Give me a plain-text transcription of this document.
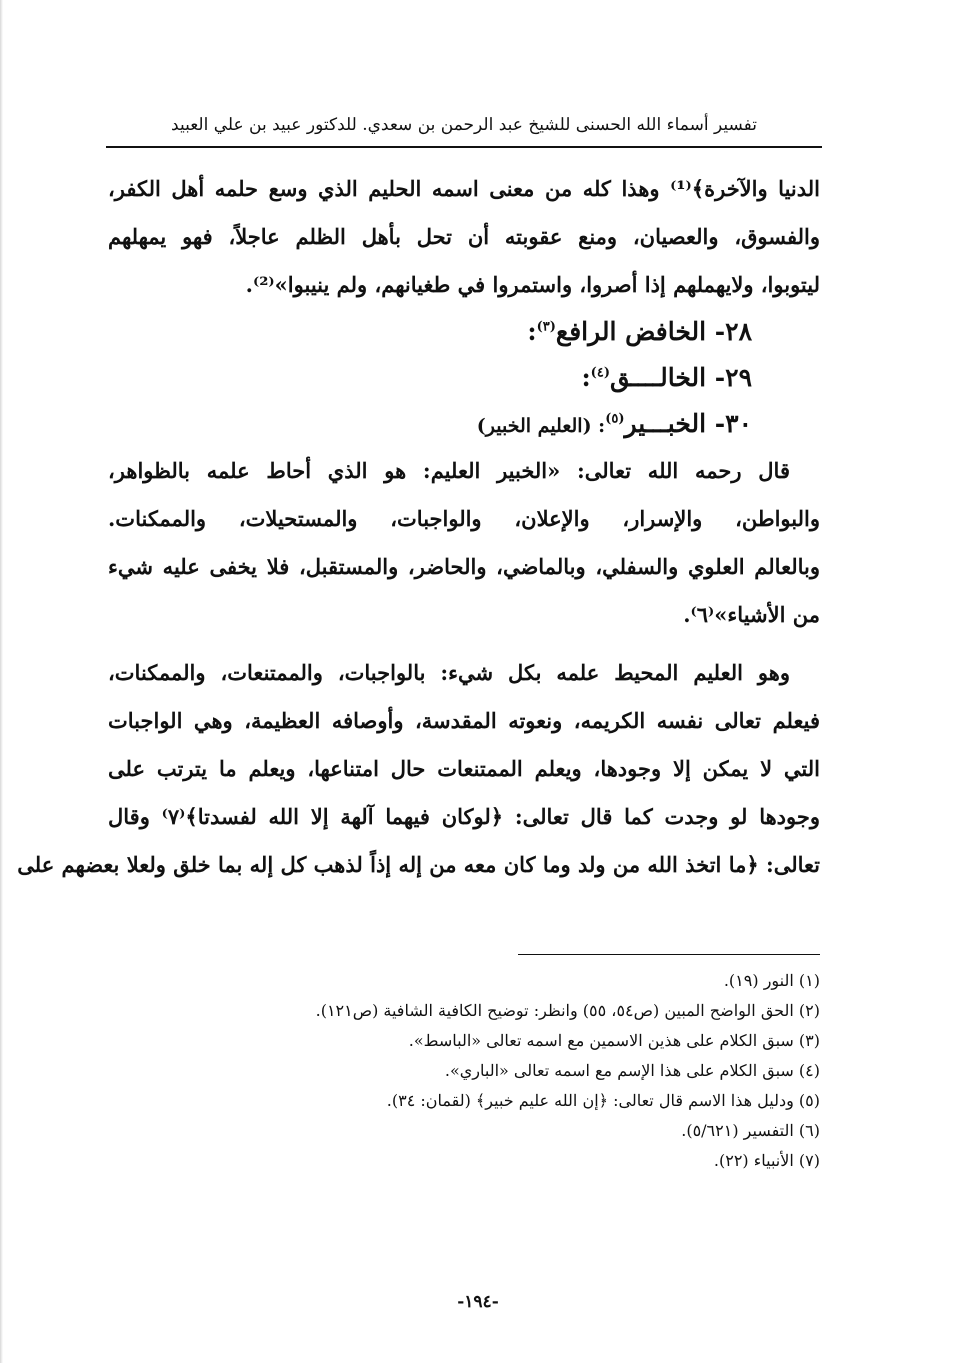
تفسير أسماء الله الحسنى للشيخ عبد الرحمن بن سعدي. للدكتور عبيد بن علي العبيد
الدنيا والآخرة﴾⁽¹⁾ وهذا كله من معنى اسمه الحليم الذي وسع حلمه أهل الكفر،
والفسوق، والعصيان، ومنع عقوبته أن تحل بأهل الظلم عاجلاً، فهو يمهلهم
ليتوبوا، ولايهملهم إذا أصروا، واستمروا في طغيانهم، ولم ينيبوا»⁽²⁾.
٢٨- الخافض الرافع$^{(٣)}$:
٢٩- الخالــــق$^{(٤)}$:
٣٠- الخبـــير$^{(٥)}$: (العليم الخبير)
قال رحمه الله تعالى: «الخبير العليم: هو الذي أحاط علمه بالظواهر،
والبواطن، والإسرار، والإعلان، والواجبات، والمستحيلات، والممكنات.
وبالعالم العلوي والسفلي، وبالماضي، والحاضر، والمستقبل، فلا يخفى عليه شيء
من الأشياء»⁽٦⁾.
وهو العليم المحيط علمه بكل شيء: بالواجبات، والممتنعات، والممكنات،
فيعلم تعالى نفسه الكريمه، ونعوته المقدسة، وأوصافه العظيمة، وهي الواجبات
التي لا يمكن إلا وجودها، ويعلم الممتنعات حال امتناعها، ويعلم ما يترتب على
وجودها لو وجدت كما قال تعالى: ﴿لوكان فيهما آلهة إلا الله لفسدتا﴾⁽٧⁾ وقال
تعالى: ﴿ما اتخذ الله من ولد وما كان معه من إله إذاً لذهب كل إله بما خلق ولعلا بعضهم على
(١) النور (١٩).
(٢) الحق الواضح المبين (ص٥٤، ٥٥) وانظر: توضيح الكافية الشافية (ص١٢١).
(٣) سبق الكلام على هذين الاسمين مع اسمه تعالى «الباسط».
(٤) سبق الكلام على هذا الإسم مع اسمه تعالى «الباري».
(٥) ودليل هذا الاسم قال تعالى: ﴿إن الله عليم خبير﴾ (لقمان: ٣٤).
(٦) التفسير (٥/٦٢١).
(٧) الأنبياء (٢٢).
-١٩٤-
